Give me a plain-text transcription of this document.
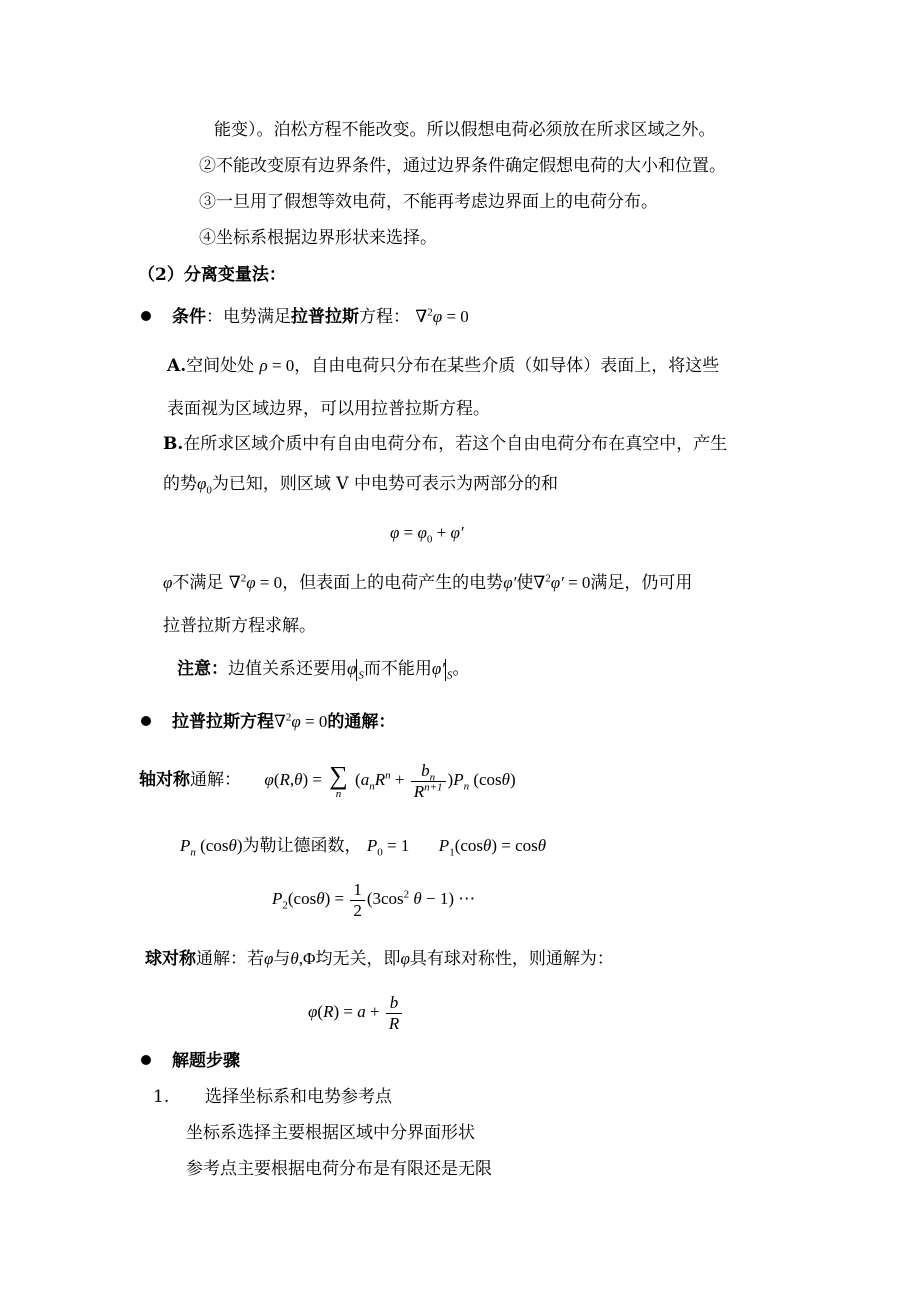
能变）。泊松方程不能改变。所以假想电荷必须放在所求区域之外。
②不能改变原有边界条件，通过边界条件确定假想电荷的大小和位置。
③一旦用了假想等效电荷，不能再考虑边界面上的电荷分布。
④坐标系根据边界形状来选择。
（2）分离变量法：
条件：电势满足拉普拉斯方程： ∇$^2$φ = 0
A.空间处处 ρ = 0，自由电荷只分布在某些介质（如导体）表面上，将这些
表面视为区域边界，可以用拉普拉斯方程。
B.在所求区域介质中有自由电荷分布，若这个自由电荷分布在真空中，产生
的势$\varphi_0$为已知，则区域 V 中电势可表示为两部分的和
$\varphi = \varphi_0 + \varphi'$
φ不满足 ∇$^2$φ = 0，但表面上的电荷产生的电势φ′使∇$^2$φ′ = 0满足，仍可用
拉普拉斯方程求解。
注意：边值关系还要用φ $_S$而不能用φ′ $_S$。
拉普拉斯方程∇$^2$φ = 0的通解：
轴对称通解： φ(R,θ) = ∑
n
$(a_nR^n + \frac{b_n}{R^{n+1}} )P_n$ (cosθ)
$P_n$ (cosθ)为勒让德函数， $P_0 = 1$ $P_1(\cos\theta) = \cos\theta$
$P_2(\cos\theta) = \frac{1}{2} (3\cos^2$ θ − 1) ⋯
球对称通解：若φ与θ,Φ均无关，即φ具有球对称性，则通解为：
$\varphi(R) = a + \frac{b}{R}$
解题步骤
1. 选择坐标系和电势参考点
坐标系选择主要根据区域中分界面形状
参考点主要根据电荷分布是有限还是无限
